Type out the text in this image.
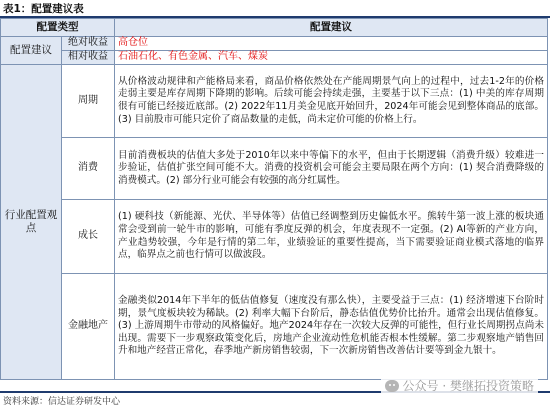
表1：配置建议表
配置类型		配置建议
配置建议	绝对收益	高仓位
	相对收益	石油石化、有色金属、汽车、煤炭
行业配置观点	周期	从价格波动规律和产能格局来看，商品价格依然处在产能周期景气向上的过程中，过去1-2年的价格走弱主要是库存周期下降期的影响。后续可能会持续走强，主要基于以下三点：(1) 中美的库存周期很有可能已经接近底部。(2) 2022年11月美金见底开始回升，2024年可能会见到整体商品的底部。(3) 目前股市可能只定价了商品数量的走低，尚未定价可能的价格上行。
	消费	目前消费板块的估值大多处于2010年以来中等偏下的水平，但由于长期逻辑（消费升级）较难进一步验证，估值扩张空间可能不大。消费的投资机会可能会主要局限在两个方向：(1) 契合消费降级的消费模式。(2) 部分行业可能会有较强的高分红属性。
	成长	(1) 硬科技（新能源、光伏、半导体等）估值已经调整到历史偏低水平。熊转牛第一波上涨的板块通常会受到前一轮牛市的影响，可能有季度反弹的机会，年度表现不一定强。(2) AI等新的产业方向，产业趋势较强，今年是行情的第二年，业绩验证的重要性提高，当下需要验证商业模式落地的临界点，临界点之前也行情可以做波段。
	金融地产	金融类似2014年下半年的低估值修复（速度没有那么快），主要受益于三点：(1) 经济增速下台阶时期，景气度板块较为稀缺。(2) 利率大幅下台阶后，静态估值优势价比抬升。通常会出现估值修复。(3) 上游周期牛市带动的风格偏好。地产2024年存在一次较大反弹的可能性，但行业长周期拐点尚未出现。需要下一步观察政策变化后，房地产企业流动性危机能否根本性缓解。第二步观察地产销售回升和地产经营正常化，春季地产新房销售较弱，下一次新房销售改善估计要等到金九银十。
资料来源：信达证券研发中心
公众号 · 樊继拓投资策略
